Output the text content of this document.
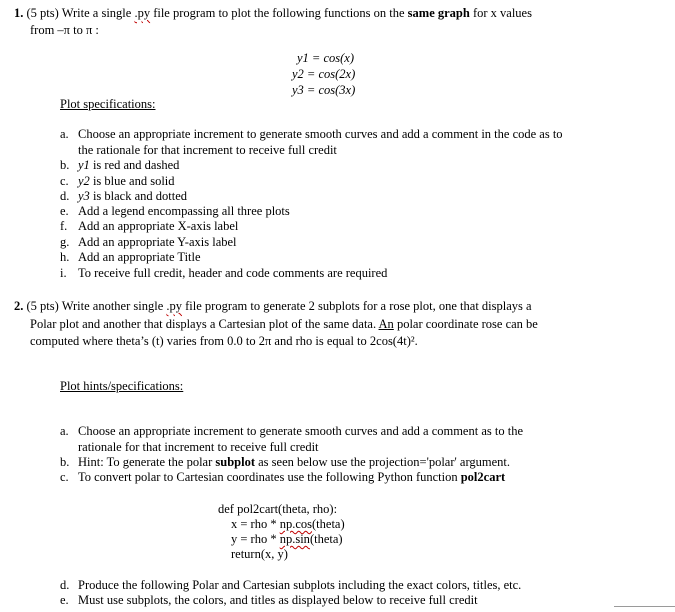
1. (5 pts) Write a single .py file program to plot the following functions on the same graph for x values
from –π to π :
y1 = cos(x)
y2 = cos(2x)
y3 = cos(3x)
Plot specifications:
a. Choose an appropriate increment to generate smooth curves and add a comment in the code as to
the rationale for that increment to receive full credit
b. y1 is red and dashed
c. y2 is blue and solid
d. y3 is black and dotted
e. Add a legend encompassing all three plots
f. Add an appropriate X-axis label
g. Add an appropriate Y-axis label
h. Add an appropriate Title
i. To receive full credit, header and code comments are required
2. (5 pts) Write another single .py file program to generate 2 subplots for a rose plot, one that displays a
Polar plot and another that displays a Cartesian plot of the same data. An polar coordinate rose can be
computed where theta’s (t) varies from 0.0 to 2π and rho is equal to 2cos(4t)².
Plot hints/specifications:
a. Choose an appropriate increment to generate smooth curves and add a comment as to the
rationale for that increment to receive full credit
b. Hint: To generate the polar subplot as seen below use the projection='polar' argument.
c. To convert polar to Cartesian coordinates use the following Python function pol2cart
def pol2cart(theta, rho):
x = rho * np.cos(theta)
y = rho * np.sin(theta)
return(x, y)
d. Produce the following Polar and Cartesian subplots including the exact colors, titles, etc.
e. Must use subplots, the colors, and titles as displayed below to receive full credit
